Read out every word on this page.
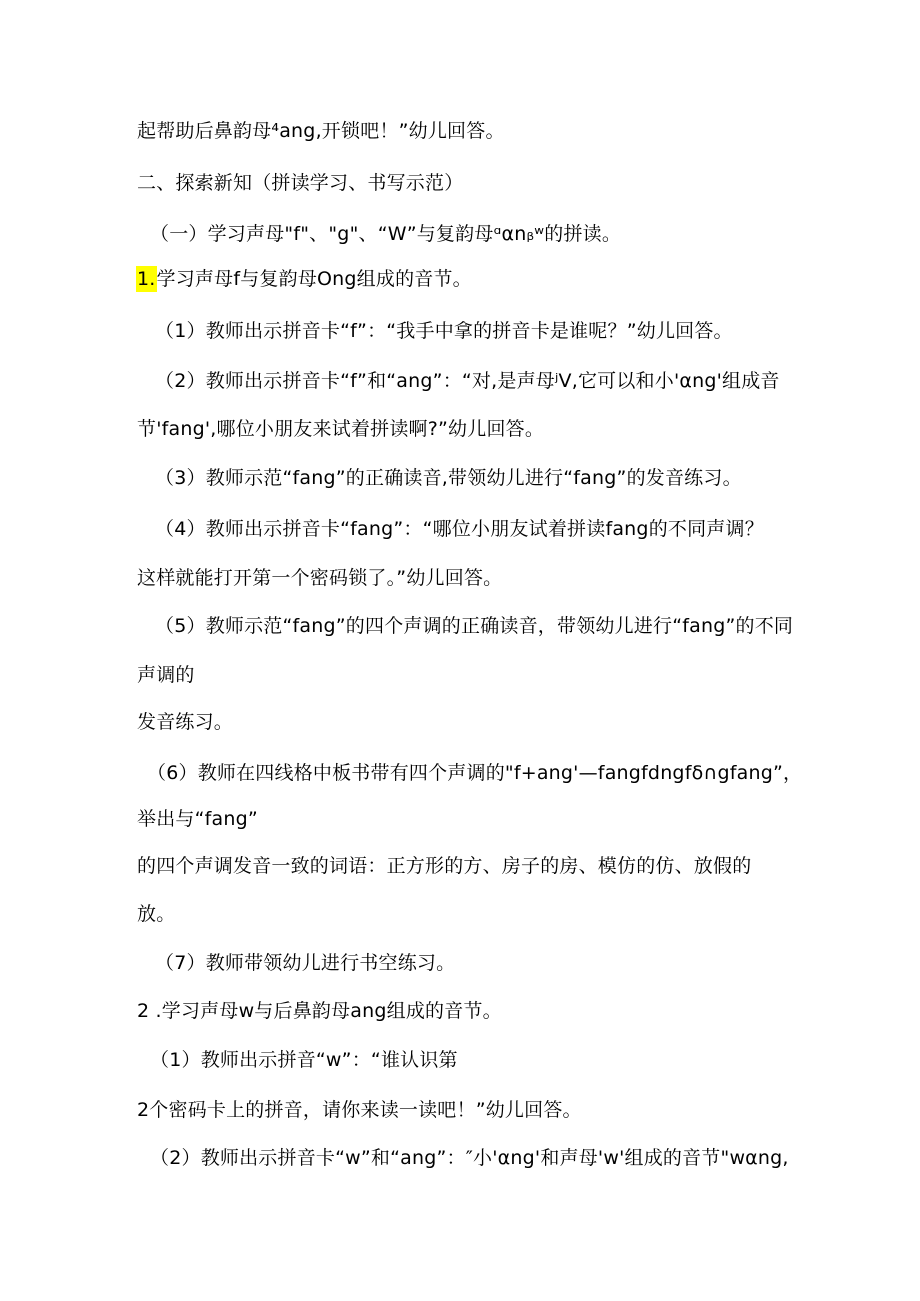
起帮助后鼻韵母⁴ang,开锁吧！”幼儿回答。
二、探索新知（拼读学习、书写示范）
（一）学习声母"f"、"g"、“W”与复韵母ᵅαnᵦʷ的拼读。
1.学习声母f与复韵母Ong组成的音节。
（1）教师出示拼音卡“f”：“我手中拿的拼音卡是谁呢？”幼儿回答。
（2）教师出示拼音卡“f”和“ang”：“对,是声母ʲV,它可以和小'αng'组成音
节'fang',哪位小朋友来试着拼读啊?”幼儿回答。
（3）教师示范“fang”的正确读音,带领幼儿进行“fang”的发音练习。
（4）教师出示拼音卡“fang”：“哪位小朋友试着拼读fang的不同声调？
这样就能打开第一个密码锁了。”幼儿回答。
（5）教师示范“fang”的四个声调的正确读音，带领幼儿进行“fang”的不同
声调的
发音练习。
（6）教师在四线格中板书带有四个声调的"f+ang'—fangfdngfδ∩gfang”，
举出与“fang”
的四个声调发音一致的词语：正方形的方、房子的房、模仿的仿、放假的
放。
（7）教师带领幼儿进行书空练习。
2 .学习声母w与后鼻韵母ang组成的音节。
（1）教师出示拼音“w”：“谁认识第
2个密码卡上的拼音，请你来读一读吧！”幼儿回答。
（2）教师出示拼音卡“w”和“ang”：″小'αng'和声母'w'组成的音节"wαng,
